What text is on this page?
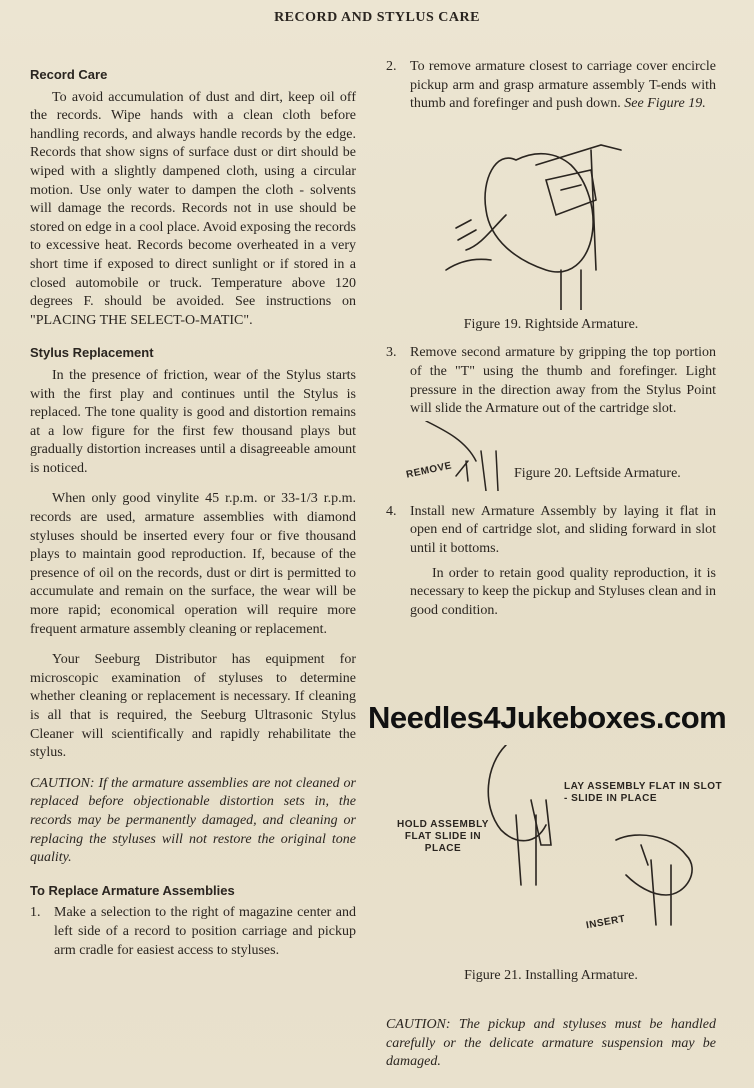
RECORD AND STYLUS CARE
Record Care

To avoid accumulation of dust and dirt, keep oil off the records. Wipe hands with a clean cloth before handling records, and always handle records by the edge. Records that show signs of surface dust or dirt should be wiped with a slightly dampened cloth, using a circular motion. Use only water to dampen the cloth - solvents will damage the records. Records not in use should be stored on edge in a cool place. Avoid exposing the records to excessive heat. Records become overheated in a very short time if exposed to direct sunlight or if stored in a closed automobile or truck. Temperature above 120 degrees F. should be avoided. See instructions on "PLACING THE SELECT-O-MATIC".

Stylus Replacement

In the presence of friction, wear of the Stylus starts with the first play and continues until the Stylus is replaced. The tone quality is good and distortion remains at a low figure for the first few thousand plays but gradually distortion increases until a disagreeable amount is noticed.

When only good vinylite 45 r.p.m. or 33-1/3 r.p.m. records are used, armature assemblies with diamond styluses should be inserted every four or five thousand plays to maintain good reproduction. If, because of the presence of oil on the records, dust or dirt is permitted to accumulate and remain on the surface, the wear will be more rapid; economical operation will require more frequent armature assembly cleaning or replacement.

Your Seeburg Distributor has equipment for microscopic examination of styluses to determine whether cleaning or replacement is necessary. If cleaning is all that is required, the Seeburg Ultrasonic Stylus Cleaner will scientifically and rapidly rehabilitate the stylus.

CAUTION: If the armature assemblies are not cleaned or replaced before objectionable distortion sets in, the records may be permanently damaged, and cleaning or replacing the styluses will not restore the original tone quality.

To Replace Armature Assemblies
1. Make a selection to the right of magazine center and left side of a record to position carriage and pickup arm cradle for easiest access to styluses.
2. To remove armature closest to carriage cover encircle pickup arm and grasp armature assembly T-ends with thumb and forefinger and push down. See Figure 19.
Figure 19. Rightside Armature.
3. Remove second armature by gripping the top portion of the "T" using the thumb and forefinger. Light pressure in the direction away from the Stylus Point will slide the Armature out of the cartridge slot.
REMOVE	Figure 20. Leftside Armature.
4. Install new Armature Assembly by laying it flat in open end of cartridge slot, and sliding forward in slot until it bottoms.

In order to retain good quality reproduction, it is necessary to keep the pickup and Styluses clean and in good condition.

Needles4Jukeboxes.com
LAY ASSEMBLY FLAT IN SLOT - SLIDE IN PLACE
HOLD ASSEMBLY FLAT SLIDE IN PLACE
INSERT
Figure 21. Installing Armature.

CAUTION: The pickup and styluses must be handled carefully or the delicate armature suspension may be damaged.
